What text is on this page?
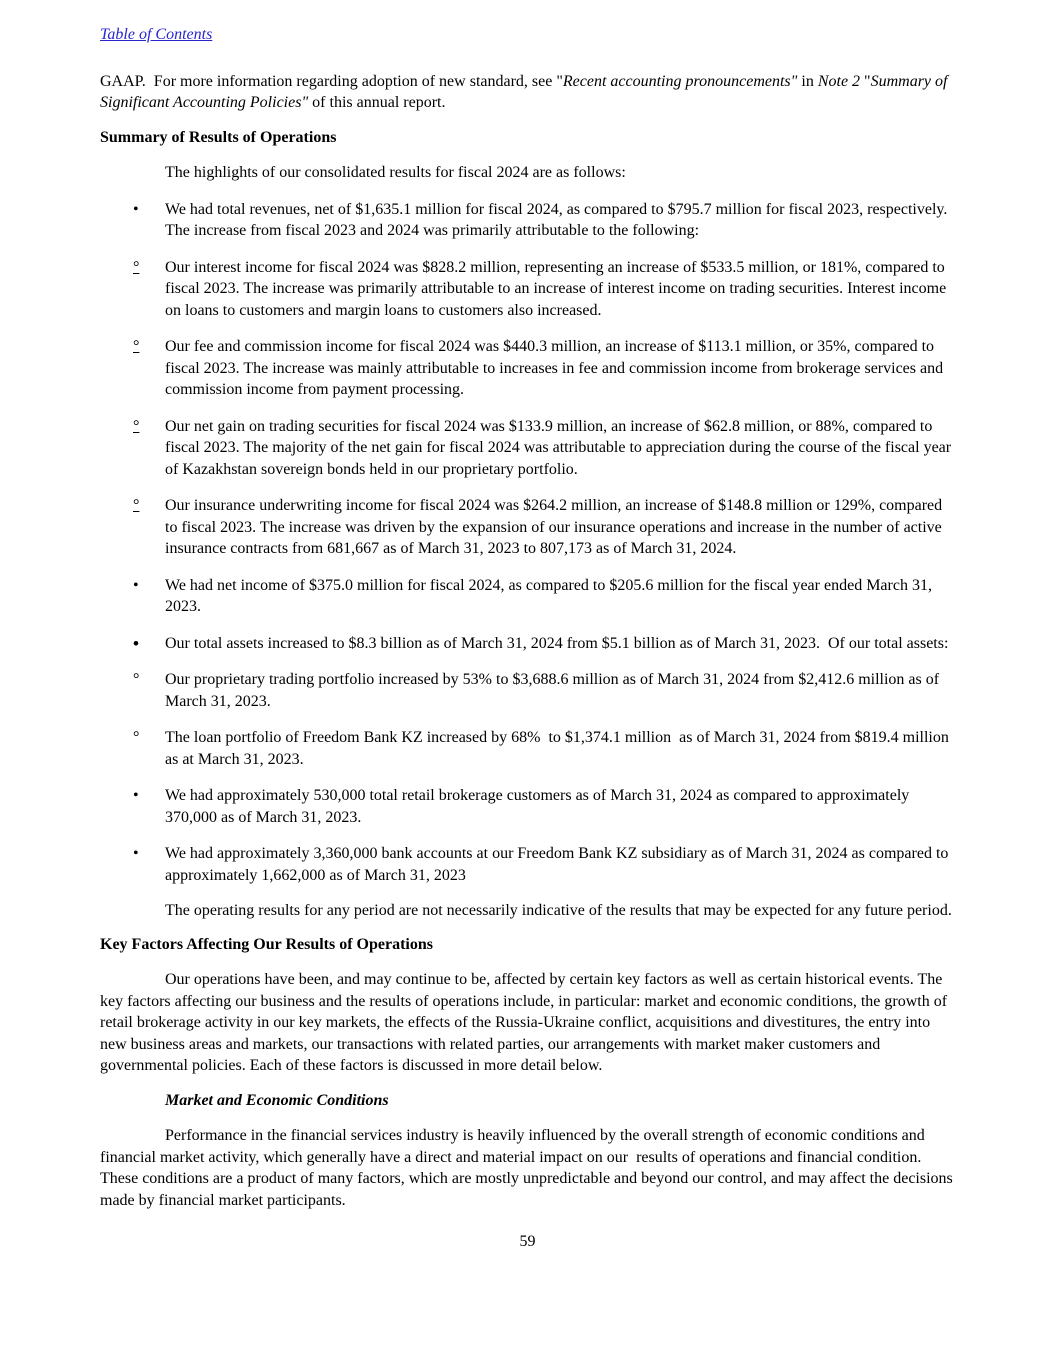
Table of Contents
GAAP.  For more information regarding adoption of new standard, see "Recent accounting pronouncements" in Note 2 "Summary of Significant Accounting Policies" of this annual report.
Summary of Results of Operations
The highlights of our consolidated results for fiscal 2024 are as follows:
•	We had total revenues, net of $1,635.1 million for fiscal 2024, as compared to $795.7 million for fiscal 2023, respectively. The increase from fiscal 2023 and 2024 was primarily attributable to the following:
°	Our interest income for fiscal 2024 was $828.2 million, representing an increase of $533.5 million, or 181%, compared to fiscal 2023. The increase was primarily attributable to an increase of interest income on trading securities. Interest income on loans to customers and margin loans to customers also increased.
°	Our fee and commission income for fiscal 2024 was $440.3 million, an increase of $113.1 million, or 35%, compared to fiscal 2023. The increase was mainly attributable to increases in fee and commission income from brokerage services and commission income from payment processing.
°	Our net gain on trading securities for fiscal 2024 was $133.9 million, an increase of $62.8 million, or 88%, compared to fiscal 2023. The majority of the net gain for fiscal 2024 was attributable to appreciation during the course of the fiscal year of Kazakhstan sovereign bonds held in our proprietary portfolio.
°	Our insurance underwriting income for fiscal 2024 was $264.2 million, an increase of $148.8 million or 129%, compared to fiscal 2023. The increase was driven by the expansion of our insurance operations and increase in the number of active insurance contracts from 681,667 as of March 31, 2023 to 807,173 as of March 31, 2024.
•	We had net income of $375.0 million for fiscal 2024, as compared to $205.6 million for the fiscal year ended March 31, 2023.
•	Our total assets increased to $8.3 billion as of March 31, 2024 from $5.1 billion as of March 31, 2023.  Of our total assets:
°	Our proprietary trading portfolio increased by 53% to $3,688.6 million as of March 31, 2024 from $2,412.6 million as of March 31, 2023.
°	The loan portfolio of Freedom Bank KZ increased by 68%  to $1,374.1 million  as of March 31, 2024 from $819.4 million as at March 31, 2023.
•	We had approximately 530,000 total retail brokerage customers as of March 31, 2024 as compared to approximately 370,000 as of March 31, 2023.
•	We had approximately 3,360,000 bank accounts at our Freedom Bank KZ subsidiary as of March 31, 2024 as compared to approximately 1,662,000 as of March 31, 2023
The operating results for any period are not necessarily indicative of the results that may be expected for any future period.
Key Factors Affecting Our Results of Operations
Our operations have been, and may continue to be, affected by certain key factors as well as certain historical events. The key factors affecting our business and the results of operations include, in particular: market and economic conditions, the growth of retail brokerage activity in our key markets, the effects of the Russia-Ukraine conflict, acquisitions and divestitures, the entry into new business areas and markets, our transactions with related parties, our arrangements with market maker customers and governmental policies. Each of these factors is discussed in more detail below.
Market and Economic Conditions
Performance in the financial services industry is heavily influenced by the overall strength of economic conditions and financial market activity, which generally have a direct and material impact on our  results of operations and financial condition. These conditions are a product of many factors, which are mostly unpredictable and beyond our control, and may affect the decisions made by financial market participants.
59
